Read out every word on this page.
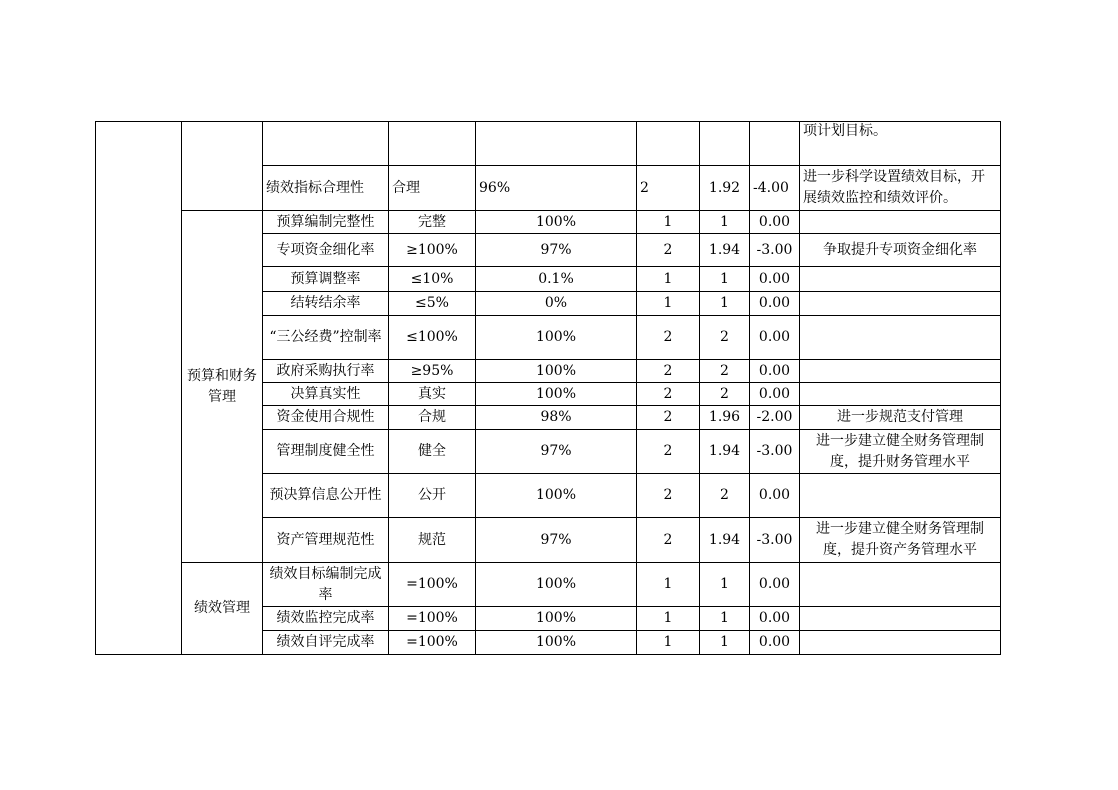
								项计划目标。
		绩效指标合理性	合理	96%	2	1.92	-4.00	进一步科学设置绩效目标，开展绩效监控和绩效评价。
	预算和财务管理	预算编制完整性	完整	100%	1	1	0.00	
		专项资金细化率	≥100%	97%	2	1.94	-3.00	争取提升专项资金细化率
		预算调整率	≤10%	0.1%	1	1	0.00	
		结转结余率	≤5%	0%	1	1	0.00	
		“三公经费”控制率	≤100%	100%	2	2	0.00	
		政府采购执行率	≥95%	100%	2	2	0.00	
		决算真实性	真实	100%	2	2	0.00	
		资金使用合规性	合规	98%	2	1.96	-2.00	进一步规范支付管理
		管理制度健全性	健全	97%	2	1.94	-3.00	进一步建立健全财务管理制度，提升财务管理水平
		预决算信息公开性	公开	100%	2	2	0.00	
		资产管理规范性	规范	97%	2	1.94	-3.00	进一步建立健全财务管理制度，提升资产务管理水平
	绩效管理	绩效目标编制完成率	=100%	100%	1	1	0.00	
		绩效监控完成率	=100%	100%	1	1	0.00	
		绩效自评完成率	=100%	100%	1	1	0.00	
